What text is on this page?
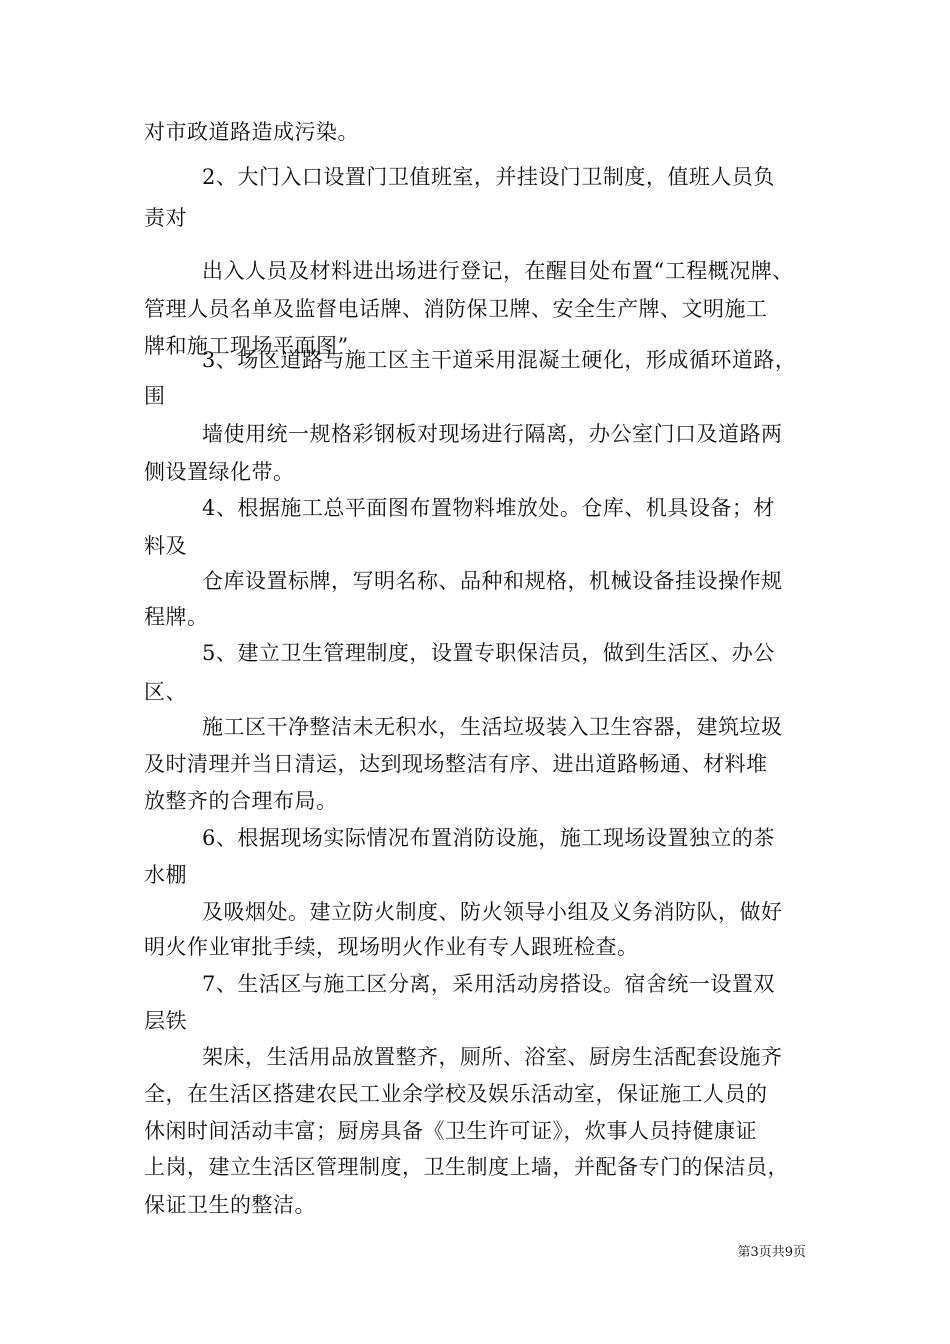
对市政道路造成污染。
2、大门入口设置门卫值班室，并挂设门卫制度，值班人员负
责对
出入人员及材料进出场进行登记，在醒目处布置“工程概况牌、
管理人员名单及监督电话牌、消防保卫牌、安全生产牌、文明施工
牌和施工现场平面图”
3、场区道路与施工区主干道采用混凝土硬化，形成循环道路，
围
墙使用统一规格彩钢板对现场进行隔离，办公室门口及道路两
侧设置绿化带。
4、根据施工总平面图布置物料堆放处。仓库、机具设备；材
料及
仓库设置标牌，写明名称、品种和规格，机械设备挂设操作规
程牌。
5、建立卫生管理制度，设置专职保洁员，做到生活区、办公
区、
施工区干净整洁未无积水，生活垃圾装入卫生容器，建筑垃圾
及时清理并当日清运，达到现场整洁有序、进出道路畅通、材料堆
放整齐的合理布局。
6、根据现场实际情况布置消防设施，施工现场设置独立的茶
水棚
及吸烟处。建立防火制度、防火领导小组及义务消防队，做好
明火作业审批手续，现场明火作业有专人跟班检查。
7、生活区与施工区分离，采用活动房搭设。宿舍统一设置双
层铁
架床，生活用品放置整齐，厕所、浴室、厨房生活配套设施齐
全，在生活区搭建农民工业余学校及娱乐活动室，保证施工人员的
休闲时间活动丰富；厨房具备《卫生许可证》，炊事人员持健康证
上岗，建立生活区管理制度，卫生制度上墙，并配备专门的保洁员，
保证卫生的整洁。
第3页共9页
